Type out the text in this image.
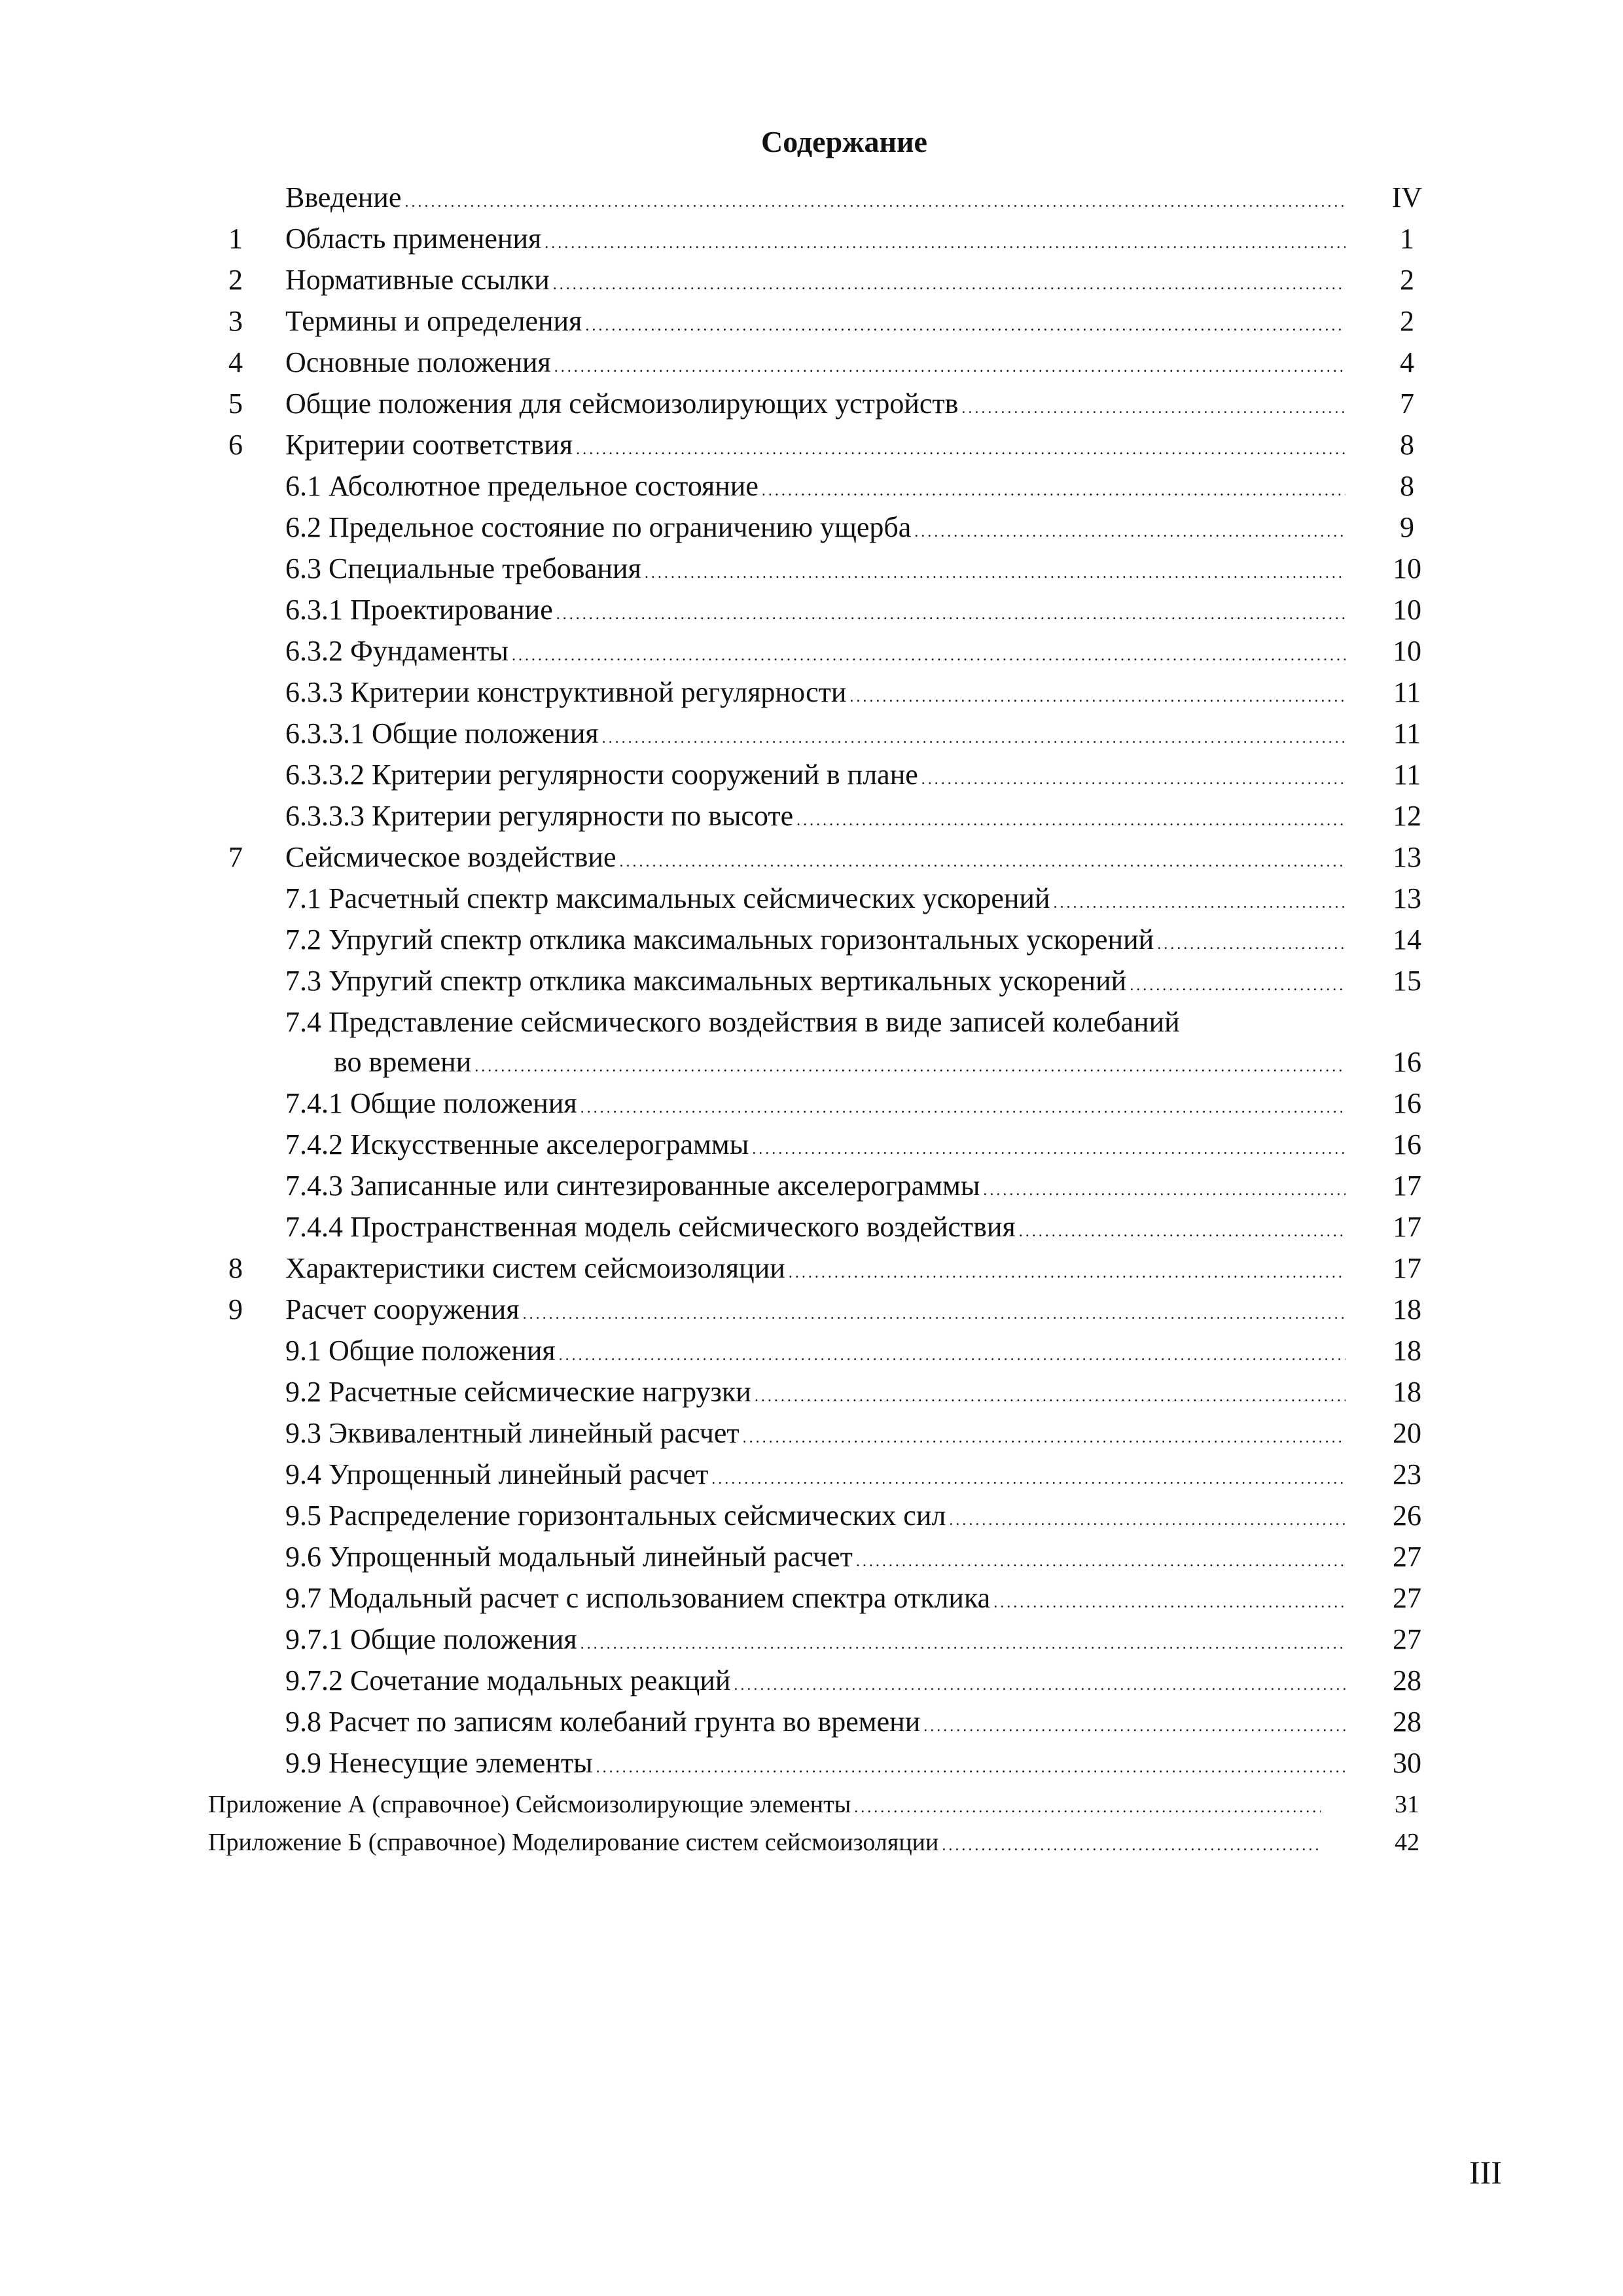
Содержание
Введение . . .	IV
1	Область применения . . .	1
2	Нормативные ссылки . . .	2
3	Термины и определения . . .	2
4	Основные положения . . .	4
5	Общие положения для сейсмоизолирующих устройств . . .	7
6	Критерии соответствия . . .	8
6.1 Абсолютное предельное состояние . . .	8
6.2 Предельное состояние по ограничению ущерба . . .	9
6.3 Специальные требования . . .	10
6.3.1 Проектирование . . .	10
6.3.2 Фундаменты . . .	10
6.3.3 Критерии конструктивной регулярности . . .	11
6.3.3.1 Общие положения . . .	11
6.3.3.2 Критерии регулярности сооружений в плане . . .	11
6.3.3.3 Критерии регулярности по высоте . . .	12
7	Сейсмическое воздействие . . .	13
7.1 Расчетный спектр максимальных сейсмических ускорений . . .	13
7.2 Упругий спектр отклика максимальных горизонтальных ускорений . . .	14
7.3 Упругий спектр отклика максимальных вертикальных ускорений . . .	15
7.4 Представление сейсмического воздействия в виде записей колебаний
во времени . . .	16
7.4.1 Общие положения . . .	16
7.4.2 Искусственные акселерограммы . . .	16
7.4.3 Записанные или синтезированные акселерограммы . . .	17
7.4.4 Пространственная модель сейсмического воздействия . . .	17
8	Характеристики систем сейсмоизоляции . . .	17
9	Расчет сооружения . . .	18
9.1 Общие положения . . .	18
9.2 Расчетные сейсмические нагрузки . . .	18
9.3 Эквивалентный линейный расчет . . .	20
9.4 Упрощенный линейный расчет . . .	23
9.5 Распределение горизонтальных сейсмических сил . . .	26
9.6 Упрощенный модальный линейный расчет . . .	27
9.7 Модальный расчет с использованием спектра отклика . . .	27
9.7.1 Общие положения . . .	27
9.7.2 Сочетание модальных реакций . . .	28
9.8 Расчет по записям колебаний грунта во времени . . .	28
9.9 Ненесущие элементы . . .	30
Приложение А (справочное) Сейсмоизолирующие элементы . . .	31
Приложение Б (справочное) Моделирование систем сейсмоизоляции . . .	42
III
